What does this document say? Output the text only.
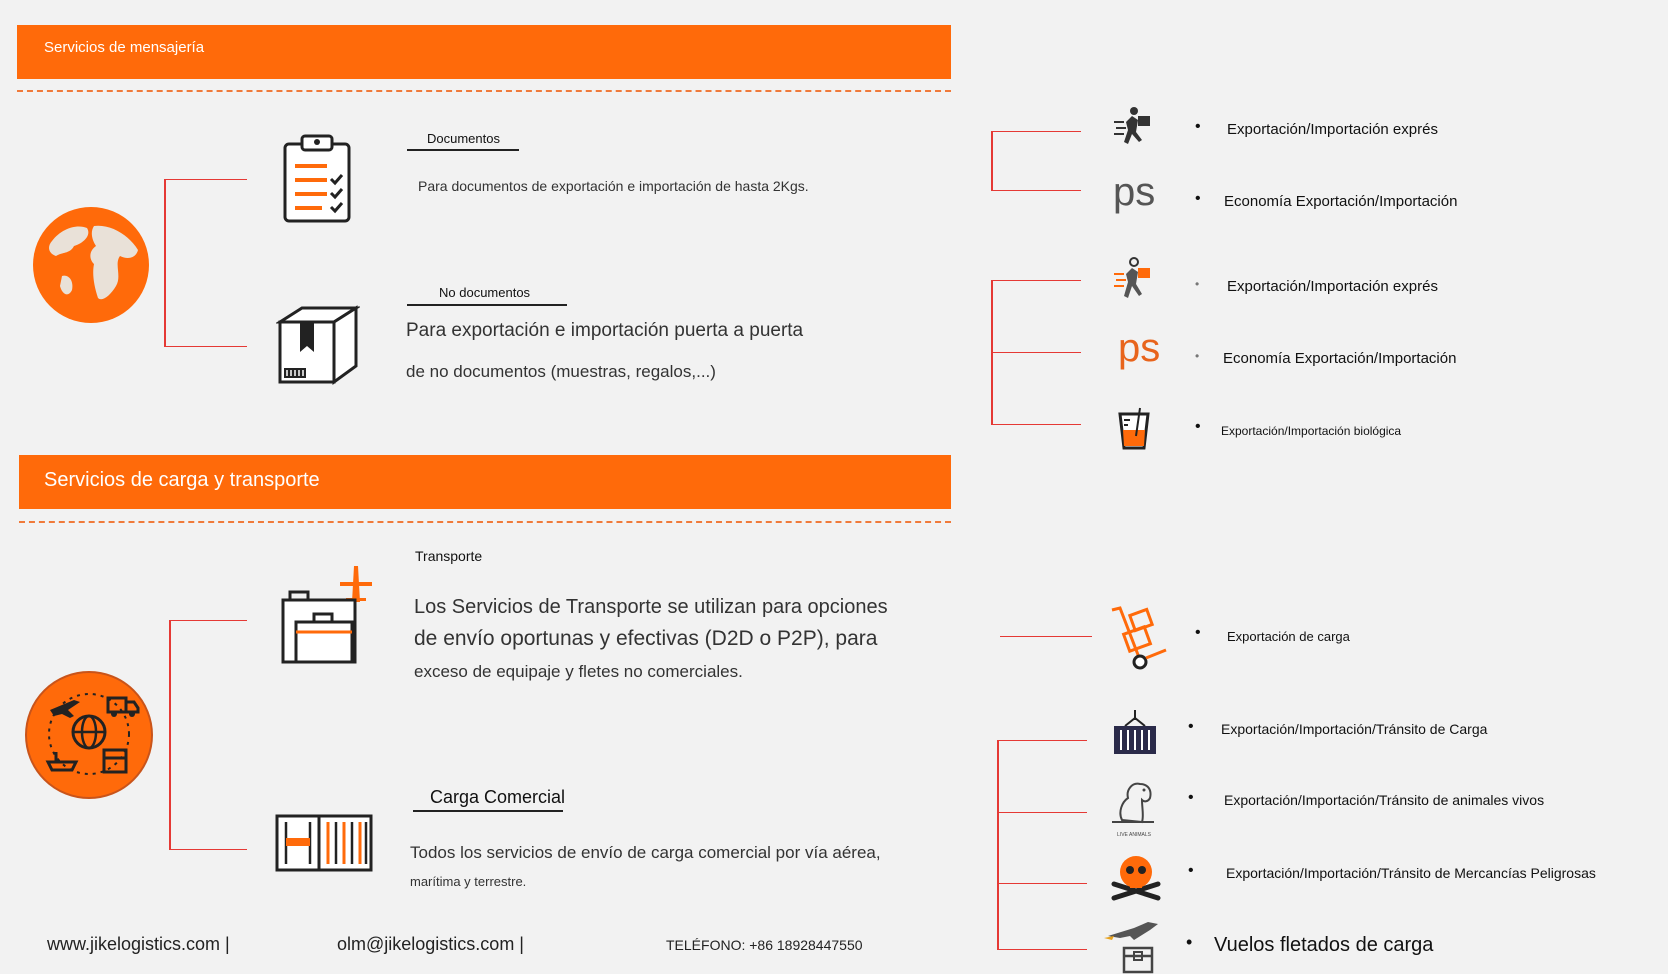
Servicios de mensajería
Documentos
Para documentos de exportación e importación de hasta 2Kgs.
No documentos
Para exportación e importación puerta a puerta
de no documentos (muestras, regalos,...)
Servicios de carga y transporte
Transporte
Los Servicios de Transporte se utilizan para opciones
de envío oportunas y efectivas (D2D o P2P), para
exceso de equipaje y fletes no comerciales.
Carga Comercial
Todos los servicios de envío de carga comercial por vía aérea,
marítima y terrestre.
ps
ps
LIVE ANIMALS
• Exportación/Importación exprés
• Economía Exportación/Importación
• Exportación/Importación exprés
• Economía Exportación/Importación
• Exportación/Importación biológica
• Exportación de carga
• Exportación/Importación/Tránsito de Carga
• Exportación/Importación/Tránsito de animales vivos
• Exportación/Importación/Tránsito de Mercancías Peligrosas
• Vuelos fletados de carga
www.jikelogistics.com |	olm@jikelogistics.com |	TELÉFONO: +86 18928447550
